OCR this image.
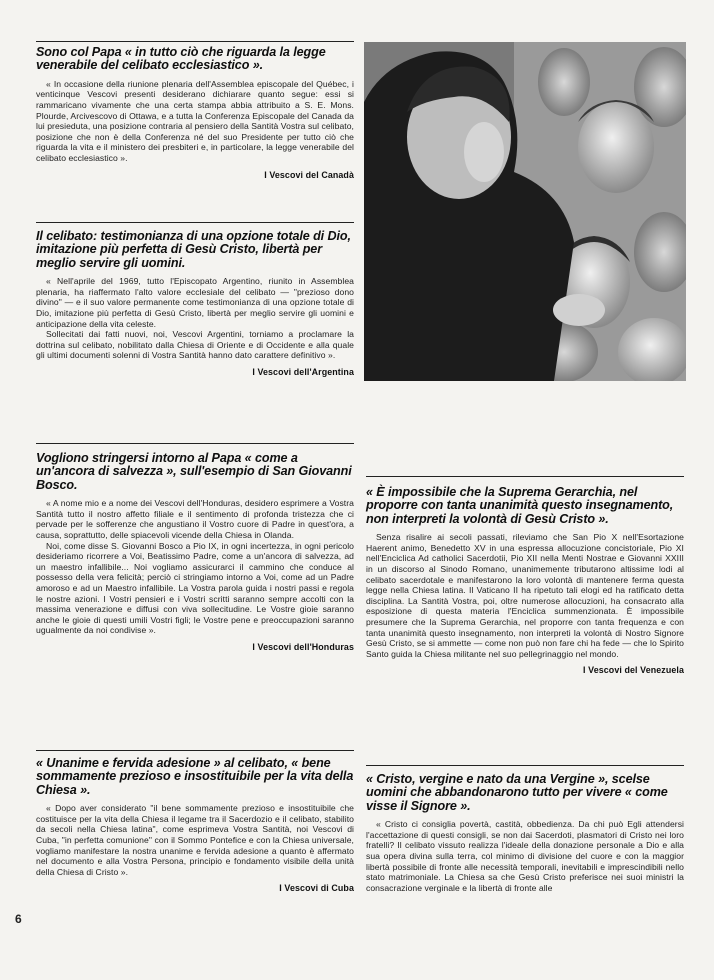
Sono col Papa « in tutto ciò che riguarda la legge venerabile del celibato ecclesiastico ».

« In occasione della riunione plenaria dell'Assemblea episcopale del Québec, i venticinque Vescovi presenti desiderano dichiarare quanto segue: essi si rammaricano vivamente che una certa stampa abbia attribuito a S. E. Mons. Plourde, Arcivescovo di Ottawa, e a tutta la Conferenza Episcopale del Canada da lui presieduta, una posizione contraria al pensiero della Santità Vostra sul celibato, posizione che non è della Conferenza né del suo Presidente per tutto ciò che riguarda la vita e il ministero dei presbiteri e, in particolare, la legge venerabile del celibato ecclesiastico ».

I Vescovi del Canadà
Il celibato: testimonianza di una opzione totale di Dio, imitazione più perfetta di Gesù Cristo, libertà per meglio servire gli uomini.

« Nell'aprile del 1969, tutto l'Episcopato Argentino, riunito in Assemblea plenaria, ha riaffermato l'alto valore ecclesiale del celibato — "prezioso dono divino" — e il suo valore permanente come testimonianza di una opzione totale di Dio, imitazione più perfetta di Gesù Cristo, libertà per meglio servire gli uomini e anticipazione della vita celeste.

Sollecitati dai fatti nuovi, noi, Vescovi Argentini, torniamo a proclamare la dottrina sul celibato, nobilitato dalla Chiesa di Oriente e di Occidente e alla quale gli ultimi documenti solenni di Vostra Santità hanno dato carattere definitivo ».

I Vescovi dell'Argentina
Vogliono stringersi intorno al Papa « come a un'ancora di salvezza », sull'esempio di San Giovanni Bosco.

« A nome mio e a nome dei Vescovi dell'Honduras, desidero esprimere a Vostra Santità tutto il nostro affetto filiale e il sentimento di profonda tristezza che ci pervade per le sofferenze che angustiano il Vostro cuore di Padre in quest'ora, a causa, soprattutto, delle spiacevoli vicende della Chiesa in Olanda.

Noi, come disse S. Giovanni Bosco a Pio IX, in ogni incertezza, in ogni pericolo desideriamo ricorrere a Voi, Beatissimo Padre, come a un'ancora di salvezza, ad un maestro infallibile... Noi vogliamo assicurarci il cammino che conduce al possesso della vera felicità; perciò ci stringiamo intorno a Voi, come ad un Padre amoroso e ad un Maestro infallibile. La Vostra parola guida i nostri passi e regola le nostre azioni. I Vostri pensieri e i Vostri scritti saranno sempre accolti con la massima venerazione e diffusi con viva sollecitudine. Le Vostre gioie saranno anche le gioie di questi umili Vostri figli; le Vostre pene e preoccupazioni saranno ugualmente da noi condivise ».

I Vescovi dell'Honduras
« Unanime e fervida adesione » al celibato, « bene sommamente prezioso e insostituibile per la vita della Chiesa ».

« Dopo aver considerato "il bene sommamente prezioso e insostituibile che costituisce per la vita della Chiesa il legame tra il Sacerdozio e il celibato, stabilito da secoli nella Chiesa latina", come esprimeva Vostra Santità, noi Vescovi di Cuba, "in perfetta comunione" con il Sommo Pontefice e con la Chiesa universale, vogliamo manifestare la nostra unanime e fervida adesione a quanto è affermato nel documento e alla Vostra Persona, principio e fondamento visibile della unità della Chiesa di Cristo ».

I Vescovi di Cuba
« È impossibile che la Suprema Gerarchia, nel proporre con tanta unanimità questo insegnamento, non interpreti la volontà di Gesù Cristo ».

Senza risalire ai secoli passati, rileviamo che San Pio X nell'Esortazione Haerent animo, Benedetto XV in una espressa allocuzione concistoriale, Pio XI nell'Enciclica Ad catholici Sacerdotii, Pio XII nella Menti Nostrae e Giovanni XXIII in un discorso al Sinodo Romano, unanimemente tributarono altissime lodi al celibato sacerdotale e manifestarono la loro volontà di mantenere ferma questa legge nella Chiesa latina. Il Vaticano II ha ripetuto tali elogi ed ha ratificato detta disciplina. La Santità Vostra, poi, oltre numerose allocuzioni, ha consacrato alla esposizione di questa materia l'Enciclica summenzionata. È impossibile presumere che la Suprema Gerarchia, nel proporre con tanta frequenza e con tanta unanimità questo insegnamento, non interpreti la volontà di Nostro Signore Gesù Cristo, se si ammette — come non può non fare chi ha fede — che lo Spirito Santo guida la Chiesa militante nel suo pellegrinaggio nel mondo.

I Vescovi del Venezuela
« Cristo, vergine e nato da una Vergine », scelse uomini che abbandonarono tutto per vivere « come visse il Signore ».

« Cristo ci consiglia povertà, castità, obbedienza. Da chi può Egli attendersi l'accettazione di questi consigli, se non dai Sacerdoti, plasmatori di Cristo nei loro fratelli? Il celibato vissuto realizza l'ideale della donazione personale a Dio e alla sua opera divina sulla terra, col minimo di divisione del cuore e con la maggior libertà possibile di fronte alle necessità temporali, inevitabili e imprescindibili nello stato matrimoniale. La Chiesa sa che Gesù Cristo preferisce nei suoi ministri la consacrazione verginale e la libertà di fronte alle

6
